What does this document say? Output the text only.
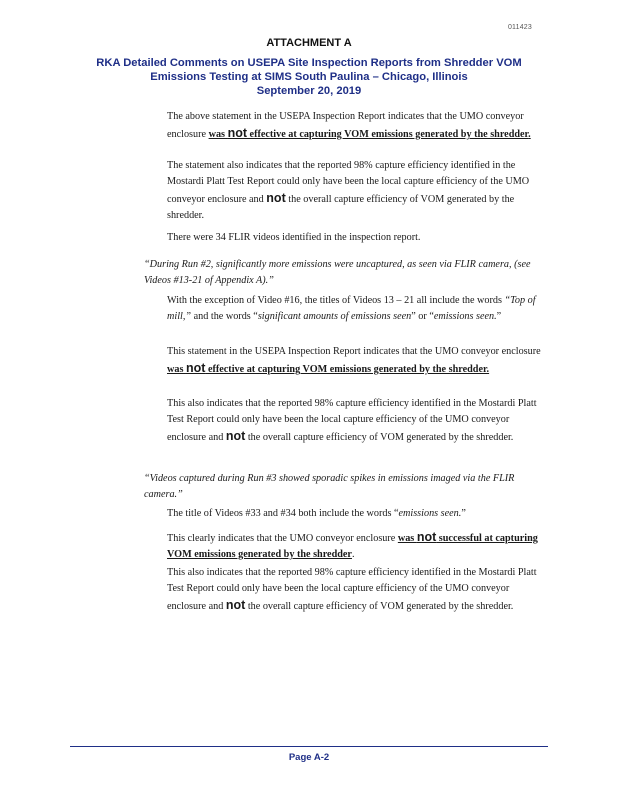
011423
ATTACHMENT A
RKA Detailed Comments on USEPA Site Inspection Reports from Shredder VOM
Emissions Testing at SIMS South Paulina – Chicago, Illinois
September 20, 2019
The above statement in the USEPA Inspection Report indicates that the UMO conveyor enclosure was not effective at capturing VOM emissions generated by the shredder.
The statement also indicates that the reported 98% capture efficiency identified in the Mostardi Platt Test Report could only have been the local capture efficiency of the UMO conveyor enclosure and not the overall capture efficiency of VOM generated by the shredder.
There were 34 FLIR videos identified in the inspection report.
“During Run #2, significantly more emissions were uncaptured, as seen via FLIR camera, (see Videos #13-21 of Appendix A).”
With the exception of Video #16, the titles of Videos 13 – 21 all include the words “Top of mill,” and the words “significant amounts of emissions seen” or “emissions seen.”
This statement in the USEPA Inspection Report indicates that the UMO conveyor enclosure was not effective at capturing VOM emissions generated by the shredder.
This also indicates that the reported 98% capture efficiency identified in the Mostardi Platt Test Report could only have been the local capture efficiency of the UMO conveyor enclosure and not the overall capture efficiency of VOM generated by the shredder.
“Videos captured during Run #3 showed sporadic spikes in emissions imaged via the FLIR camera.”
The title of Videos #33 and #34 both include the words “emissions seen.”
This clearly indicates that the UMO conveyor enclosure was not successful at capturing VOM emissions generated by the shredder.
This also indicates that the reported 98% capture efficiency identified in the Mostardi Platt Test Report could only have been the local capture efficiency of the UMO conveyor enclosure and not the overall capture efficiency of VOM generated by the shredder.
Page A-2
